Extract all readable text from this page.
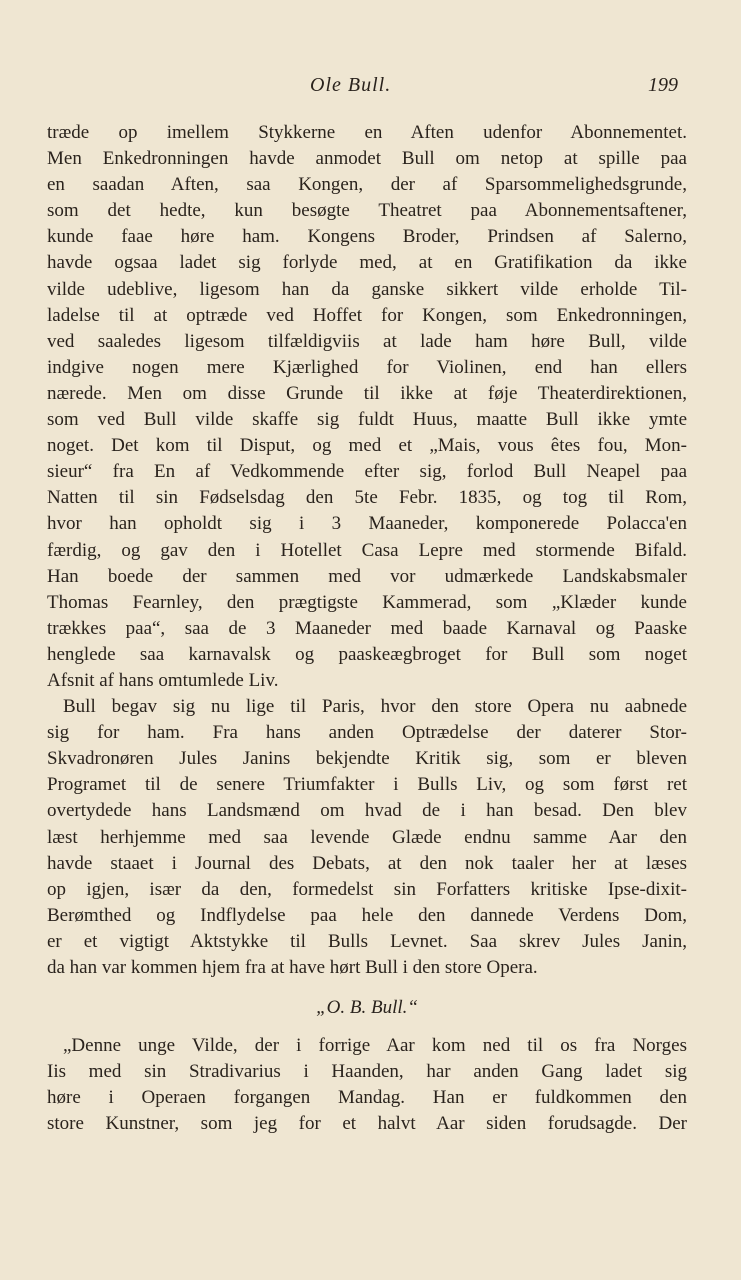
Ole Bull.	199
træde op imellem Stykkerne en Aften udenfor Abonnementet.
Men Enkedronningen havde anmodet Bull om netop at spille paa
en saadan Aften, saa Kongen, der af Sparsommelighedsgrunde,
som det hedte, kun besøgte Theatret paa Abonnementsaftener,
kunde faae høre ham. Kongens Broder, Prindsen af Salerno,
havde ogsaa ladet sig forlyde med, at en Gratifikation da ikke
vilde udeblive, ligesom han da ganske sikkert vilde erholde Til-
ladelse til at optræde ved Hoffet for Kongen, som Enkedronningen,
ved saaledes ligesom tilfældigviis at lade ham høre Bull, vilde
indgive nogen mere Kjærlighed for Violinen, end han ellers
nærede. Men om disse Grunde til ikke at føje Theaterdirektionen,
som ved Bull vilde skaffe sig fuldt Huus, maatte Bull ikke ymte
noget. Det kom til Disput, og med et „Mais, vous êtes fou, Mon-
sieur“ fra En af Vedkommende efter sig, forlod Bull Neapel paa
Natten til sin Fødselsdag den 5te Febr. 1835, og tog til Rom,
hvor han opholdt sig i 3 Maaneder, komponerede Polacca'en
færdig, og gav den i Hotellet Casa Lepre med stormende Bifald.
Han boede der sammen med vor udmærkede Landskabsmaler
Thomas Fearnley, den prægtigste Kammerad, som „Klæder kunde
trækkes paa“, saa de 3 Maaneder med baade Karnaval og Paaske
henglede saa karnavalsk og paaskeægbroget for Bull som noget
Afsnit af hans omtumlede Liv.
Bull begav sig nu lige til Paris, hvor den store Opera nu aabnede
sig for ham. Fra hans anden Optrædelse der daterer Stor-
Skvadronøren Jules Janins bekjendte Kritik sig, som er bleven
Programet til de senere Triumfakter i Bulls Liv, og som først ret
overtydede hans Landsmænd om hvad de i han besad. Den blev
læst herhjemme med saa levende Glæde endnu samme Aar den
havde staaet i Journal des Debats, at den nok taaler her at læses
op igjen, især da den, formedelst sin Forfatters kritiske Ipse-dixit-
Berømthed og Indflydelse paa hele den dannede Verdens Dom,
er et vigtigt Aktstykke til Bulls Levnet. Saa skrev Jules Janin,
da han var kommen hjem fra at have hørt Bull i den store Opera.
„O. B. Bull.“
„Denne unge Vilde, der i forrige Aar kom ned til os fra Norges
Iis med sin Stradivarius i Haanden, har anden Gang ladet sig
høre i Operaen forgangen Mandag. Han er fuldkommen den
store Kunstner, som jeg for et halvt Aar siden forudsagde. Der
